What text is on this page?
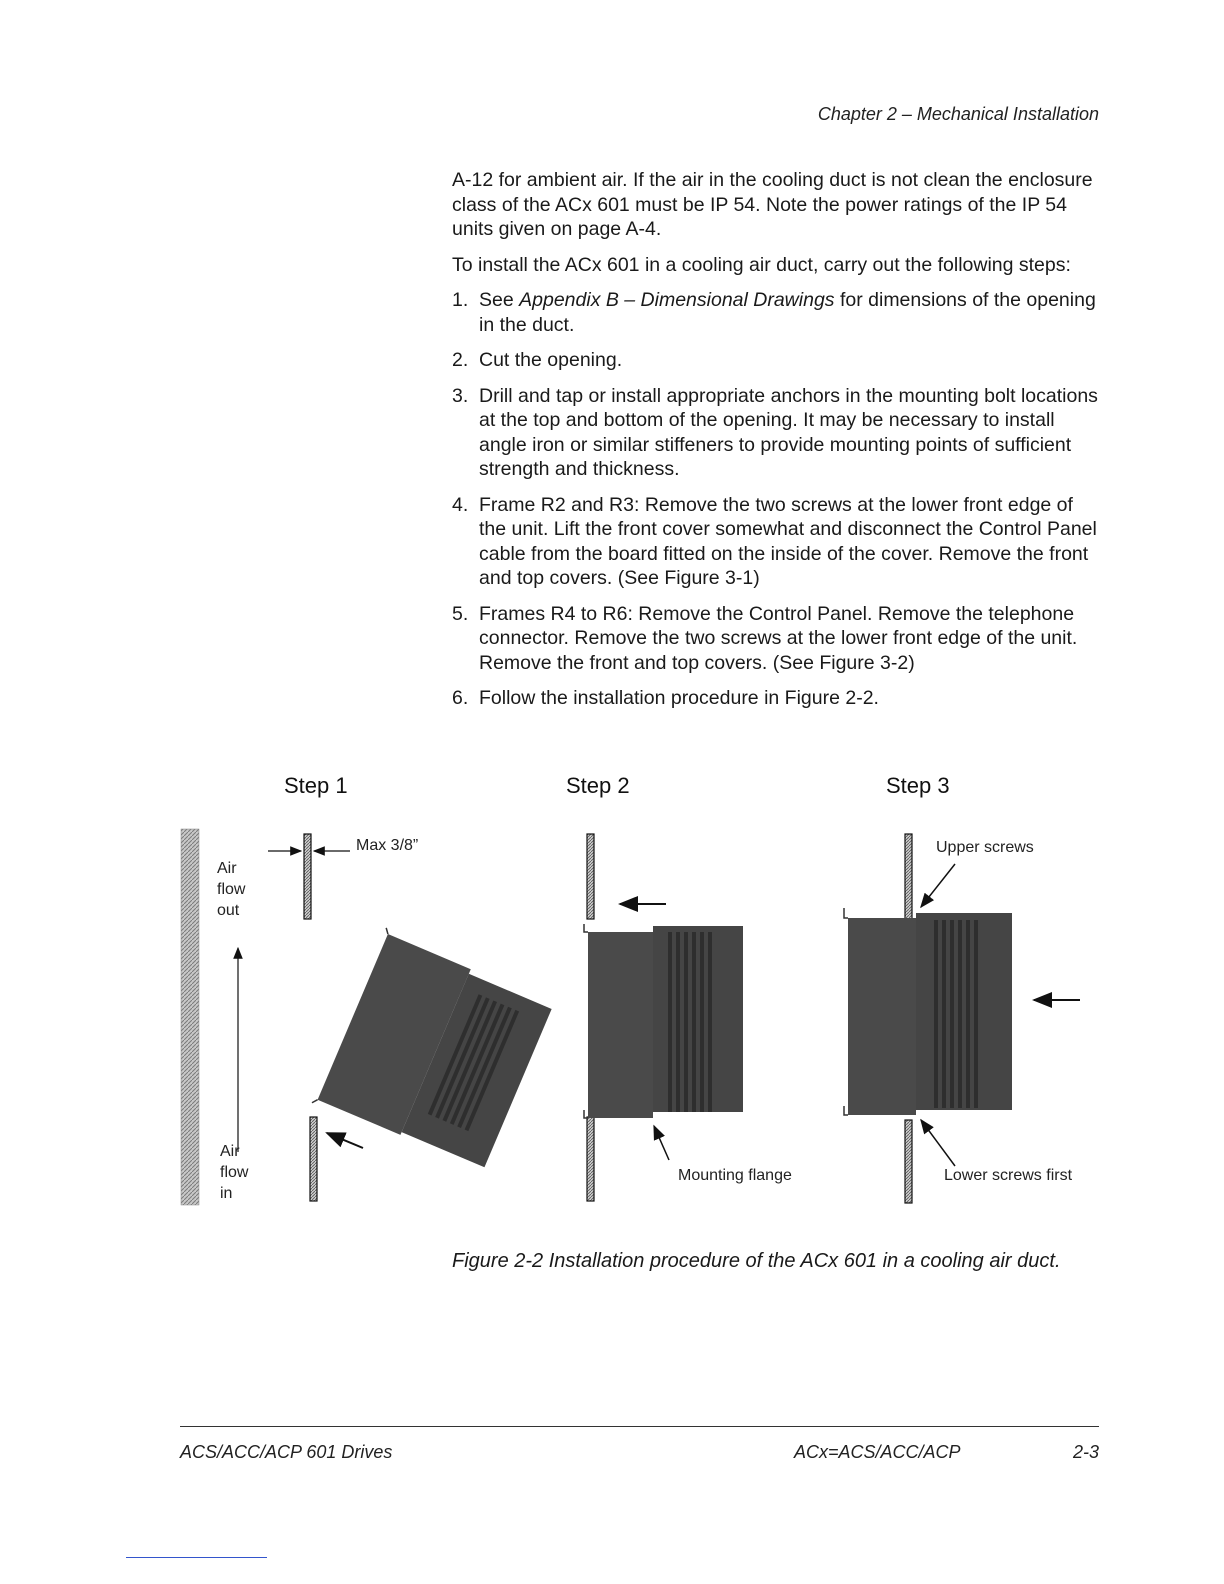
Chapter 2 – Mechanical Installation

A-12 for ambient air. If the air in the cooling duct is not clean the enclosure class of the ACx 601 must be IP 54. Note the power ratings of the IP 54 units given on page A-4.

To install the ACx 601 in a cooling air duct, carry out the following steps:

1. See Appendix B – Dimensional Drawings for dimensions of the opening in the duct.
2. Cut the opening.
3. Drill and tap or install appropriate anchors in the mounting bolt locations at the top and bottom of the opening. It may be necessary to install angle iron or similar stiffeners to provide mounting points of sufficient strength and thickness.
4. Frame R2 and R3: Remove the two screws at the lower front edge of the unit. Lift the front cover somewhat and disconnect the Control Panel cable from the board fitted on the inside of the cover. Remove the front and top covers. (See Figure 3-1)
5. Frames R4 to R6: Remove the Control Panel. Remove the telephone connector. Remove the two screws at the lower front edge of the unit. Remove the front and top covers. (See Figure 3-2)
6. Follow the installation procedure in Figure 2-2.
Step 1	Step 2	Step 3
Max 3/8”
Air
flow
out
Air
flow
in
Mounting flange
Upper screws
Lower screws first
Figure 2-2 Installation procedure of the ACx 601 in a cooling air duct.
ACS/ACC/ACP 601 Drives	ACx=ACS/ACC/ACP	2-3
